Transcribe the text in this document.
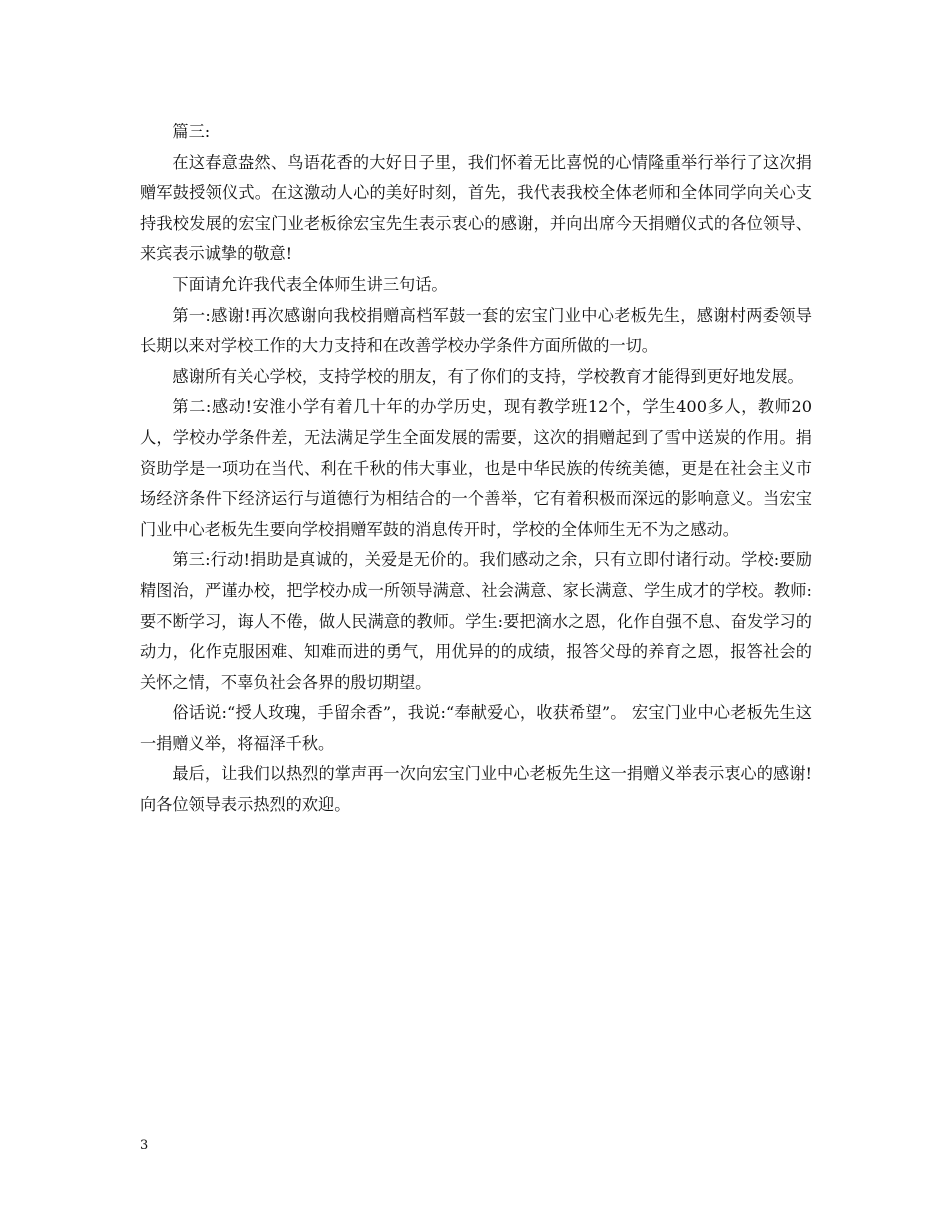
篇三:

在这春意盎然、鸟语花香的大好日子里，我们怀着无比喜悦的心情隆重举行举行了这次捐赠军鼓授领仪式。在这激动人心的美好时刻，首先，我代表我校全体老师和全体同学向关心支持我校发展的宏宝门业老板徐宏宝先生表示衷心的感谢，并向出席今天捐赠仪式的各位领导、来宾表示诚挚的敬意!

下面请允许我代表全体师生讲三句话。

第一:感谢!再次感谢向我校捐赠高档军鼓一套的宏宝门业中心老板先生，感谢村两委领导长期以来对学校工作的大力支持和在改善学校办学条件方面所做的一切。

感谢所有关心学校，支持学校的朋友，有了你们的支持，学校教育才能得到更好地发展。

第二:感动!安淮小学有着几十年的办学历史，现有教学班12个，学生400多人，教师20人，学校办学条件差，无法满足学生全面发展的需要，这次的捐赠起到了雪中送炭的作用。捐资助学是一项功在当代、利在千秋的伟大事业，也是中华民族的传统美德，更是在社会主义市场经济条件下经济运行与道德行为相结合的一个善举，它有着积极而深远的影响意义。当宏宝门业中心老板先生要向学校捐赠军鼓的消息传开时，学校的全体师生无不为之感动。

第三:行动!捐助是真诚的，关爱是无价的。我们感动之余，只有立即付诸行动。学校:要励精图治，严谨办校，把学校办成一所领导满意、社会满意、家长满意、学生成才的学校。教师:要不断学习，诲人不倦，做人民满意的教师。学生:要把滴水之恩，化作自强不息、奋发学习的动力，化作克服困难、知难而进的勇气，用优异的的成绩，报答父母的养育之恩，报答社会的关怀之情，不辜负社会各界的殷切期望。

俗话说:“授人玫瑰，手留余香”，我说:“奉献爱心，收获希望”。 宏宝门业中心老板先生这一捐赠义举，将福泽千秋。

最后，让我们以热烈的掌声再一次向宏宝门业中心老板先生这一捐赠义举表示衷心的感谢!向各位领导表示热烈的欢迎。

3
